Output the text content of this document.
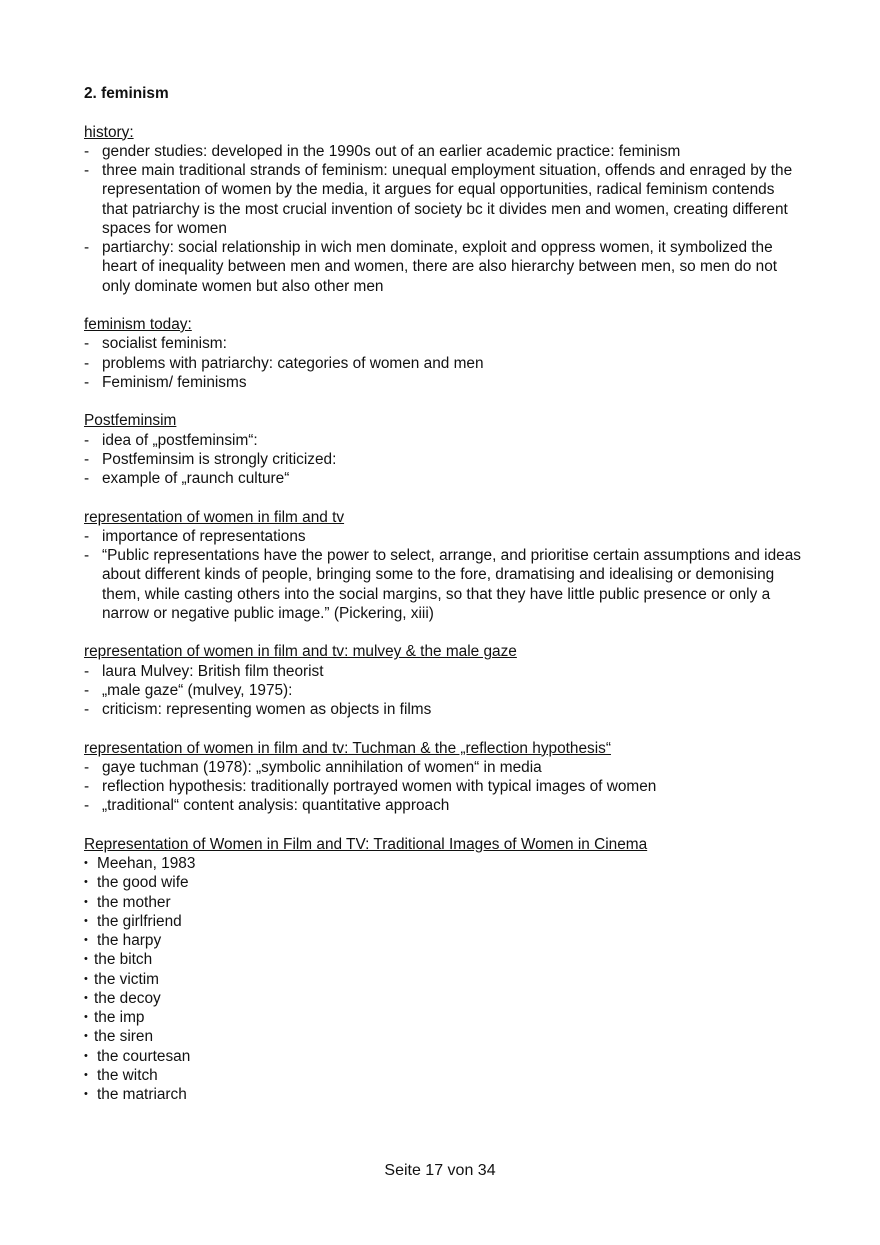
2. feminism
history:
- gender studies: developed in the 1990s out of an earlier academic practice: feminism
- three main traditional strands of feminism: unequal employment situation, offends and enraged by the representation of women by the media, it argues for equal opportunities, radical feminism contends that patriarchy is the most crucial invention of society bc it divides men and women, creating different spaces for women
- partiarchy: social relationship in wich men dominate, exploit and oppress women, it symbolized the heart of inequality between men and women, there are also hierarchy between men, so men do not only dominate women but also other men
feminism today:
- socialist feminism:
- problems with patriarchy: categories of women and men
- Feminism/ feminisms
Postfeminsim
- idea of „postfeminsim“:
- Postfeminsim is strongly criticized:
- example of „raunch culture“
representation of women in film and tv
- importance of representations
- “Public representations have the power to select, arrange, and prioritise certain assumptions and ideas about different kinds of people, bringing some to the fore, dramatising and idealising or demonising them, while casting others into the social margins, so that they have little public presence or only a narrow or negative public image.” (Pickering, xiii)
representation of women in film and tv: mulvey & the male gaze
- laura Mulvey: British film theorist
- „male gaze“ (mulvey, 1975):
- criticism: representing women as objects in films
representation of women in film and tv: Tuchman & the „reflection hypothesis“
- gaye tuchman (1978): „symbolic annihilation of women“ in media
- reflection hypothesis: traditionally portrayed women with typical images of women
- „traditional“ content analysis: quantitative approach
Representation of Women in Film and TV: Traditional Images of Women in Cinema
• Meehan, 1983
• the good wife
• the mother
• the girlfriend
• the harpy
• the bitch
• the victim
• the decoy
• the imp
• the siren
• the courtesan
• the witch
• the matriarch
Seite 17 von 34
